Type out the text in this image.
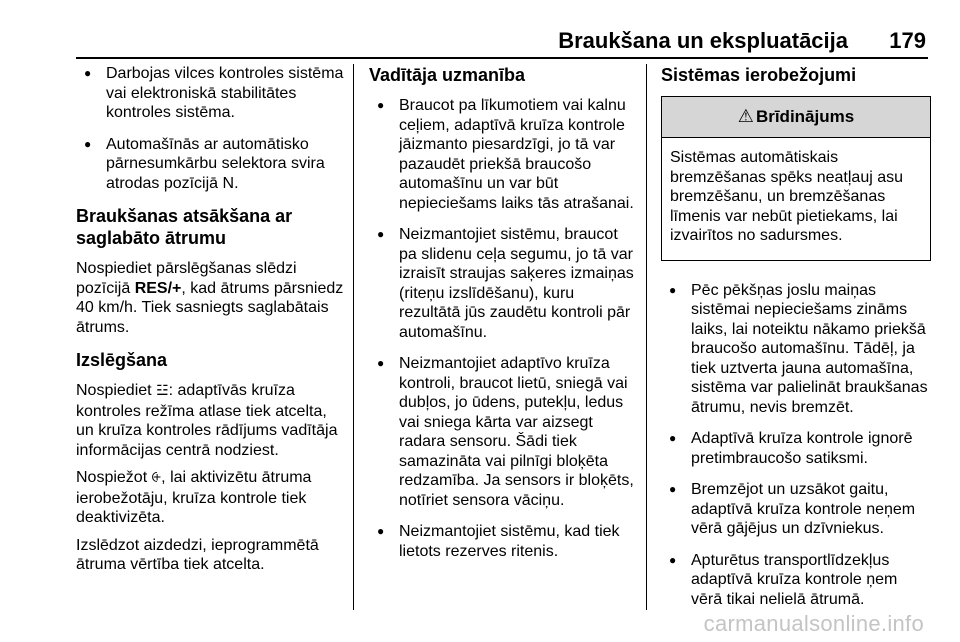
Braukšana un ekspluatācija 179
● Darbojas vilces kontroles sistēma vai elektroniskā stabilitātes kontroles sistēma.
● Automašīnās ar automātisko pārnesumkārbu selektora svira atrodas pozīcijā N.
Braukšanas atsākšana ar saglabāto ātrumu

Nospiediet pārslēgšanas slēdzi pozīcijā RES/+, kad ātrums pārsniedz 40 km/h. Tiek sasniegts saglabātais ātrums.

Izslēgšana

Nospiediet ☳: adaptīvās kruīza kontroles režīma atlase tiek atcelta, un kruīza kontroles rādījums vadītāja informācijas centrā nodziest.

Nospiežot ⨭, lai aktivizētu ātruma ierobežotāju, kruīza kontrole tiek deaktivizēta.

Izslēdzot aizdedzi, ieprogrammētā ātruma vērtība tiek atcelta.

Vadītāja uzmanība
● Braucot pa līkumotiem vai kalnu ceļiem, adaptīvā kruīza kontrole jāizmanto piesardzīgi, jo tā var pazaudēt priekšā braucošo automašīnu un var būt nepieciešams laiks tās atrašanai.
● Neizmantojiet sistēmu, braucot pa slidenu ceļa segumu, jo tā var izraisīt straujas saķeres izmaiņas (riteņu izslīdēšanu), kuru rezultātā jūs zaudētu kontroli pār automašīnu.
● Neizmantojiet adaptīvo kruīza kontroli, braucot lietū, sniegā vai dubļos, jo ūdens, putekļu, ledus vai sniega kārta var aizsegt radara sensoru. Šādi tiek samazināta vai pilnīgi bloķēta redzamība. Ja sensors ir bloķēts, notīriet sensora vāciņu.
● Neizmantojiet sistēmu, kad tiek lietots rezerves ritenis.
Sistēmas ierobežojumi
⚠ Brīdinājums
Sistēmas automātiskais bremzēšanas spēks neatļauj asu bremzēšanu, un bremzēšanas līmenis var nebūt pietiekams, lai izvairītos no sadursmes.
● Pēc pēkšņas joslu maiņas sistēmai nepieciešams zināms laiks, lai noteiktu nākamo priekšā braucošo automašīnu. Tādēļ, ja tiek uztverta jauna automašīna, sistēma var palielināt braukšanas ātrumu, nevis bremzēt.
● Adaptīvā kruīza kontrole ignorē pretimbraucošo satiksmi.
● Bremzējot un uzsākot gaitu, adaptīvā kruīza kontrole neņem vērā gājējus un dzīvniekus.
● Apturētus transportlīdzekļus adaptīvā kruīza kontrole ņem vērā tikai nelielā ātrumā.
carmanualsonline.info
